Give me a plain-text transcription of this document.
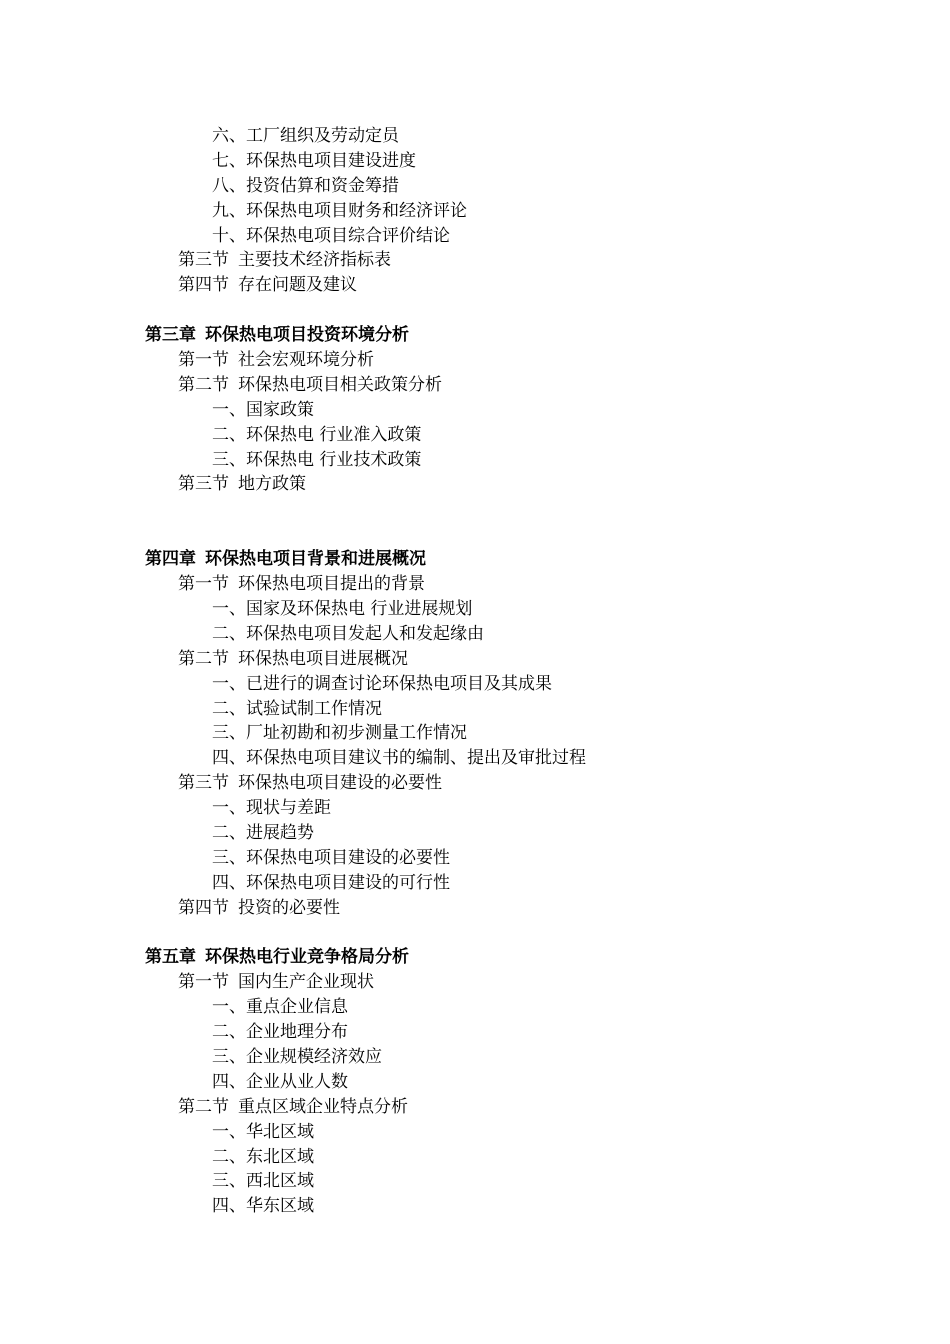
六、工厂组织及劳动定员
七、环保热电项目建设进度
八、投资估算和资金筹措
九、环保热电项目财务和经济评论
十、环保热电项目综合评价结论
第三节 主要技术经济指标表
第四节 存在问题及建议
第三章 环保热电项目投资环境分析
第一节 社会宏观环境分析
第二节 环保热电项目相关政策分析
一、国家政策
二、环保热电 行业准入政策
三、环保热电 行业技术政策
第三节 地方政策
第四章 环保热电项目背景和进展概况
第一节 环保热电项目提出的背景
一、国家及环保热电 行业进展规划
二、环保热电项目发起人和发起缘由
第二节 环保热电项目进展概况
一、已进行的调查讨论环保热电项目及其成果
二、试验试制工作情况
三、厂址初勘和初步测量工作情况
四、环保热电项目建议书的编制、提出及审批过程
第三节 环保热电项目建设的必要性
一、现状与差距
二、进展趋势
三、环保热电项目建设的必要性
四、环保热电项目建设的可行性
第四节 投资的必要性
第五章 环保热电行业竞争格局分析
第一节 国内生产企业现状
一、重点企业信息
二、企业地理分布
三、企业规模经济效应
四、企业从业人数
第二节 重点区域企业特点分析
一、华北区域
二、东北区域
三、西北区域
四、华东区域
